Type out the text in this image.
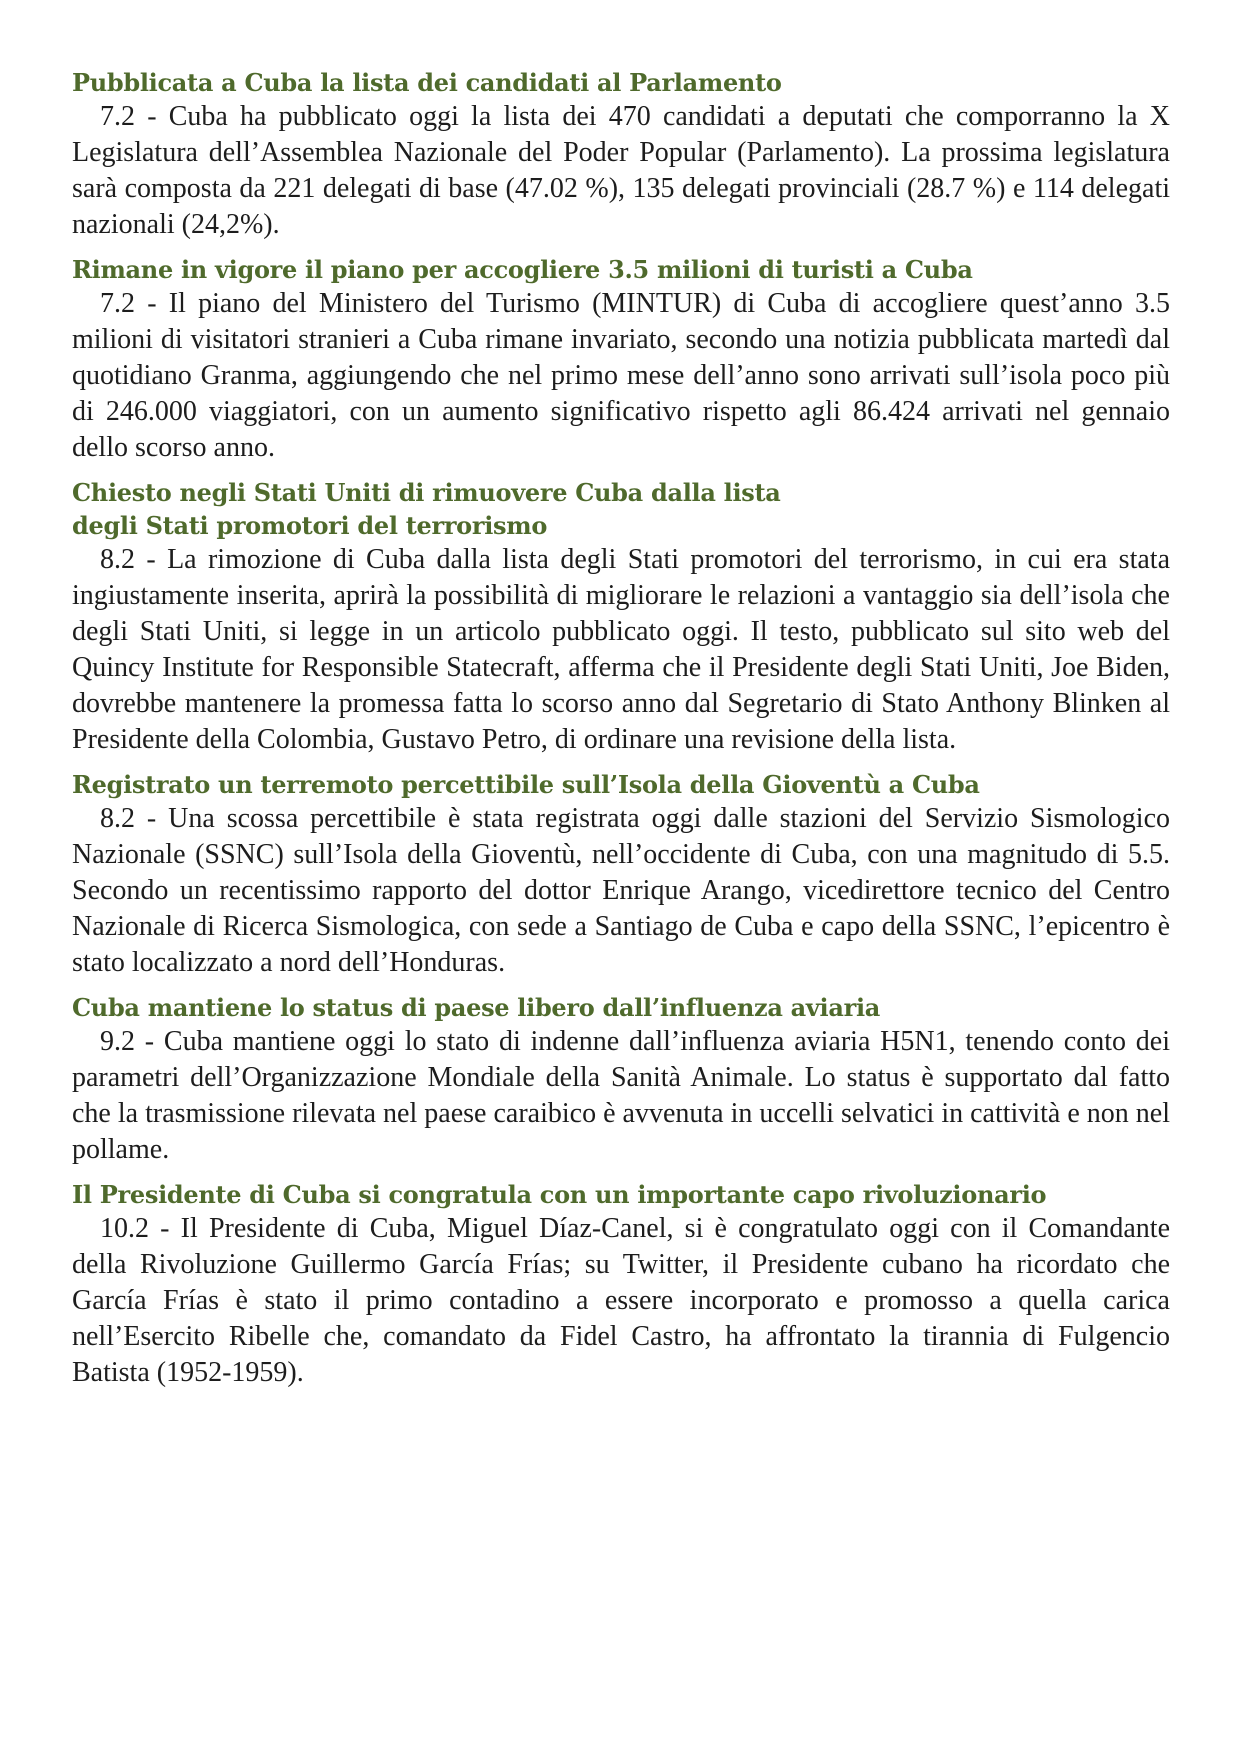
Pubblicata a Cuba la lista dei candidati al Parlamento

7.2 - Cuba ha pubblicato oggi la lista dei 470 candidati a deputati che comporranno la X Legislatura dell’Assemblea Nazionale del Poder Popular (Parlamento). La prossima legislatura sarà composta da 221 delegati di base (47.02 %), 135 delegati provinciali (28.7 %) e 114 delegati nazionali (24,2%).

Rimane in vigore il piano per accogliere 3.5 milioni di turisti a Cuba

7.2 - Il piano del Ministero del Turismo (MINTUR) di Cuba di accogliere quest’anno 3.5 milioni di visitatori stranieri a Cuba rimane invariato, secondo una notizia pubblicata martedì dal quotidiano Granma, aggiungendo che nel primo mese dell’anno sono arrivati sull’isola poco più di 246.000 viaggiatori, con un aumento significativo rispetto agli 86.424 arrivati nel gennaio dello scorso anno.

Chiesto negli Stati Uniti di rimuovere Cuba dalla lista
degli Stati promotori del terrorismo

8.2 - La rimozione di Cuba dalla lista degli Stati promotori del terrorismo, in cui era stata ingiustamente inserita, aprirà la possibilità di migliorare le relazioni a vantaggio sia dell’isola che degli Stati Uniti, si legge in un articolo pubblicato oggi. Il testo, pubblicato sul sito web del Quincy Institute for Responsible Statecraft, afferma che il Presidente degli Stati Uniti, Joe Biden, dovrebbe mantenere la promessa fatta lo scorso anno dal Segretario di Stato Anthony Blinken al Presidente della Colombia, Gustavo Petro, di ordinare una revisione della lista.

Registrato un terremoto percettibile sull’Isola della Gioventù a Cuba

8.2 - Una scossa percettibile è stata registrata oggi dalle stazioni del Servizio Sismologico Nazionale (SSNC) sull’Isola della Gioventù, nell’occidente di Cuba, con una magnitudo di 5.5. Secondo un recentissimo rapporto del dottor Enrique Arango, vicedirettore tecnico del Centro Nazionale di Ricerca Sismologica, con sede a Santiago de Cuba e capo della SSNC, l’epicentro è stato localizzato a nord dell’Honduras.

Cuba mantiene lo status di paese libero dall’influenza aviaria

9.2 - Cuba mantiene oggi lo stato di indenne dall’influenza aviaria H5N1, tenendo conto dei parametri dell’Organizzazione Mondiale della Sanità Animale. Lo status è supportato dal fatto che la trasmissione rilevata nel paese caraibico è avvenuta in uccelli selvatici in cattività e non nel pollame.

Il Presidente di Cuba si congratula con un importante capo rivoluzionario

10.2 - Il Presidente di Cuba, Miguel Díaz-Canel, si è congratulato oggi con il Comandante della Rivoluzione Guillermo García Frías; su Twitter, il Presidente cubano ha ricordato che García Frías è stato il primo contadino a essere incorporato e promosso a quella carica nell’Esercito Ribelle che, comandato da Fidel Castro, ha affrontato la tirannia di Fulgencio Batista (1952-1959).
